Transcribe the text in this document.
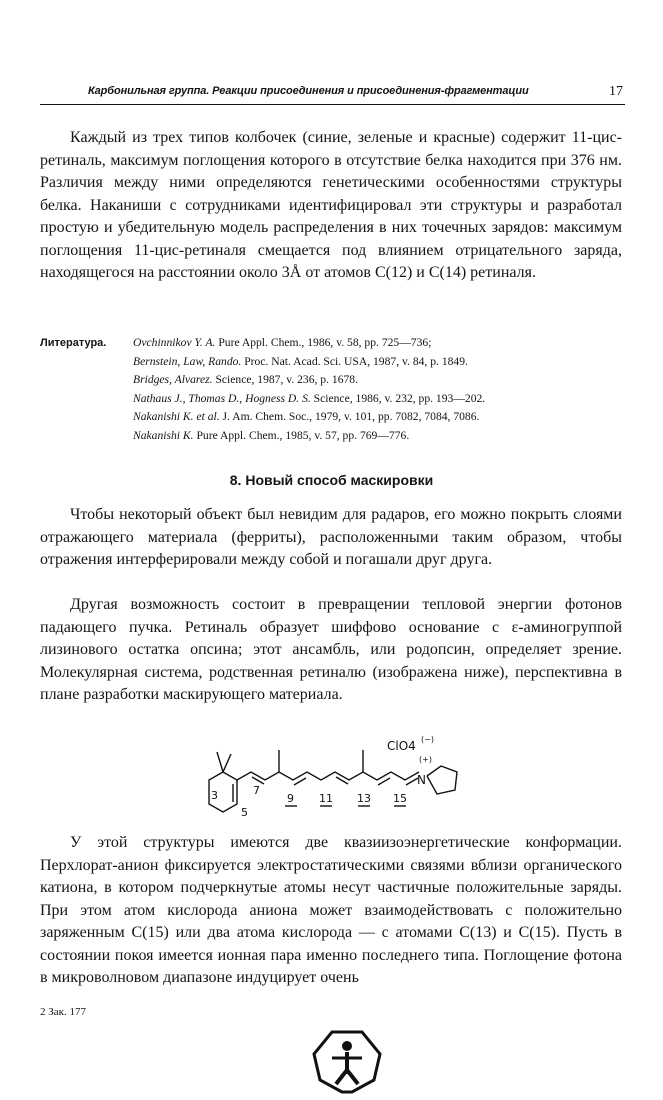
Карбонильная группа. Реакции присоединения и присоединения-фрагментации	17

Каждый из трех типов колбочек (синие, зеленые и красные) содержит 11-цис-ретиналь, максимум поглощения которого в отсутствие белка находится при 376 нм. Различия между ними определяются генетическими особенностями структуры белка. Наканиши с сотрудниками идентифицировал эти структуры и разработал простую и убедительную модель распределения в них точечных зарядов: максимум поглощения 11-цис-ретиналя смещается под влиянием отрицательного заряда, находящегося на расстоянии около 3Å от атомов С(12) и С(14) ретиналя.

Литература. Ovchinnikov Y. A. Pure Appl. Chem., 1986, v. 58, pp. 725—736;
Bernstein, Law, Rando. Proc. Nat. Acad. Sci. USA, 1987, v. 84, p. 1849.
Bridges, Alvarez. Science, 1987, v. 236, p. 1678.
Nathaus J., Thomas D., Hogness D. S. Science, 1986, v. 232, pp. 193—202.
Nakanishi K. et al. J. Am. Chem. Soc., 1979, v. 101, pp. 7082, 7084, 7086.
Nakanishi K. Pure Appl. Chem., 1985, v. 57, pp. 769—776.
8. Новый способ маскировки

Чтобы некоторый объект был невидим для радаров, его можно покрыть слоями отражающего материала (ферриты), расположенными таким образом, чтобы отражения интерферировали между собой и погашали друг друга.

Другая возможность состоит в превращении тепловой энергии фотонов падающего пучка. Ретиналь образует шиффово основание с ε-аминогруппой лизинового остатка опсина; этот ансамбль, или родопсин, определяет зрение. Молекулярная система, родственная ретиналю (изображена ниже), перспективна в плане разработки маскирующего материала.

3
5
7
9 11 13 15
N
(+)
ClO4 (−)

У этой структуры имеются две квазиизоэнергетические конформации. Перхлорат-анион фиксируется электростатическими связями вблизи органического катиона, в котором подчеркнутые атомы несут частичные положительные заряды. При этом атом кислорода аниона может взаимодействовать с положительно заряженным С(15) или два атома кислорода — с атомами С(13) и С(15). Пусть в состоянии покоя имеется ионная пара именно последнего типа. Поглощение фотона в микроволновом диапазоне индуцирует очень

2 Зак. 177
